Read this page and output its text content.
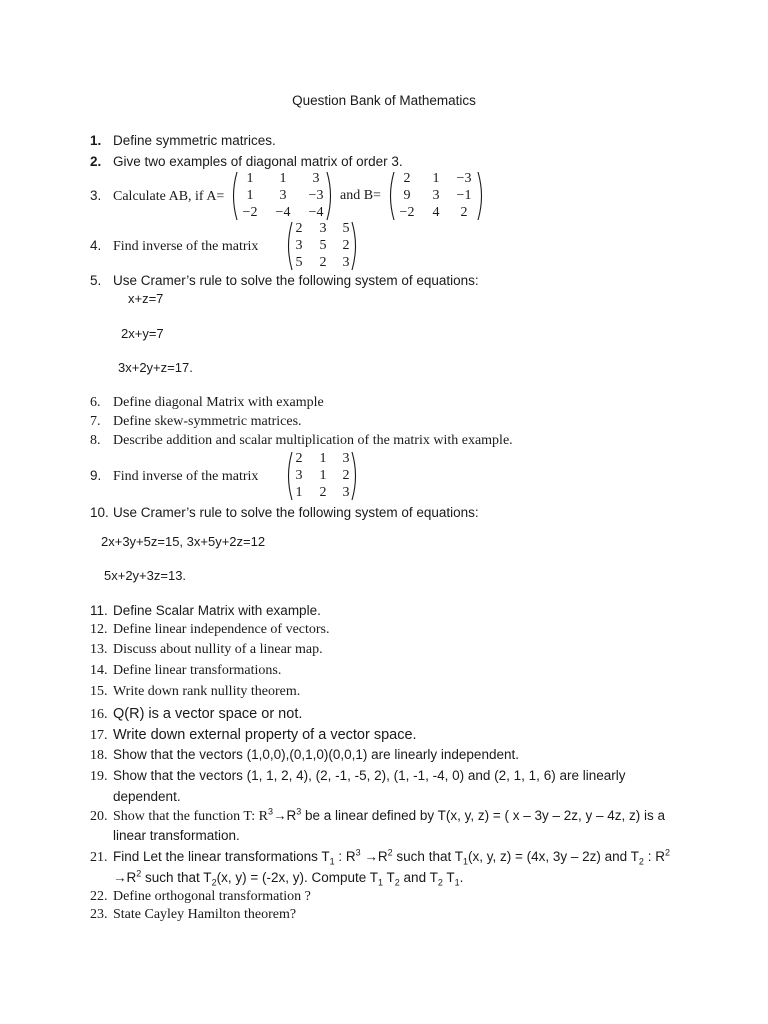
Question Bank of Mathematics
1. Define symmetric matrices.
2. Give two examples of diagonal matrix of order 3.
3. Calculate AB, if A=
1	1	3
1	3	−3
−2	−4	−4
and B=
2	1	−3
9	3	−1
−2	4	2
4. Find inverse of the matrix
2	3	5
3	5	2
5	2	3
5. Use Cramer’s rule to solve the following system of equations:
x+z=7
2x+y=7
3x+2y+z=17.
6. Define diagonal Matrix with example
7. Define skew-symmetric matrices.
8. Describe addition and scalar multiplication of the matrix with example.
9. Find inverse of the matrix
2	1	3
3	1	2
1	2	3
10. Use Cramer’s rule to solve the following system of equations:
2x+3y+5z=15, 3x+5y+2z=12
5x+2y+3z=13.
11. Define Scalar Matrix with example.
12. Define linear independence of vectors.
13. Discuss about nullity of a linear map.
14. Define linear transformations.
15. Write down rank nullity theorem.
16. Q(R) is a vector space or not.
17. Write down external property of a vector space.
18. Show that the vectors (1,0,0),(0,1,0)(0,0,1) are linearly independent.
19. Show that the vectors (1, 1, 2, 4), (2, -1, -5, 2), (1, -1, -4, 0) and (2, 1, 1, 6) are linearly
dependent.
20. Show that the function T: $R^3\to R^3$ be a linear defined by T(x, y, z) = ( x – 3y – 2z, y – 4z, z) is a
linear transformation.
21. Find Let the linear transformations $T_1$ : $R^3 \to R^2$ such that $T_1(x$, y, z) = (4x, 3y – 2z) and $T_2$ : $R^2$
$\to R^2$ such that $T_2(x$, y) = (-2x, y). Compute $T_1$ $T_2$ and $T_2$ $T_1$.
22. Define orthogonal transformation ?
23. State Cayley Hamilton theorem?
